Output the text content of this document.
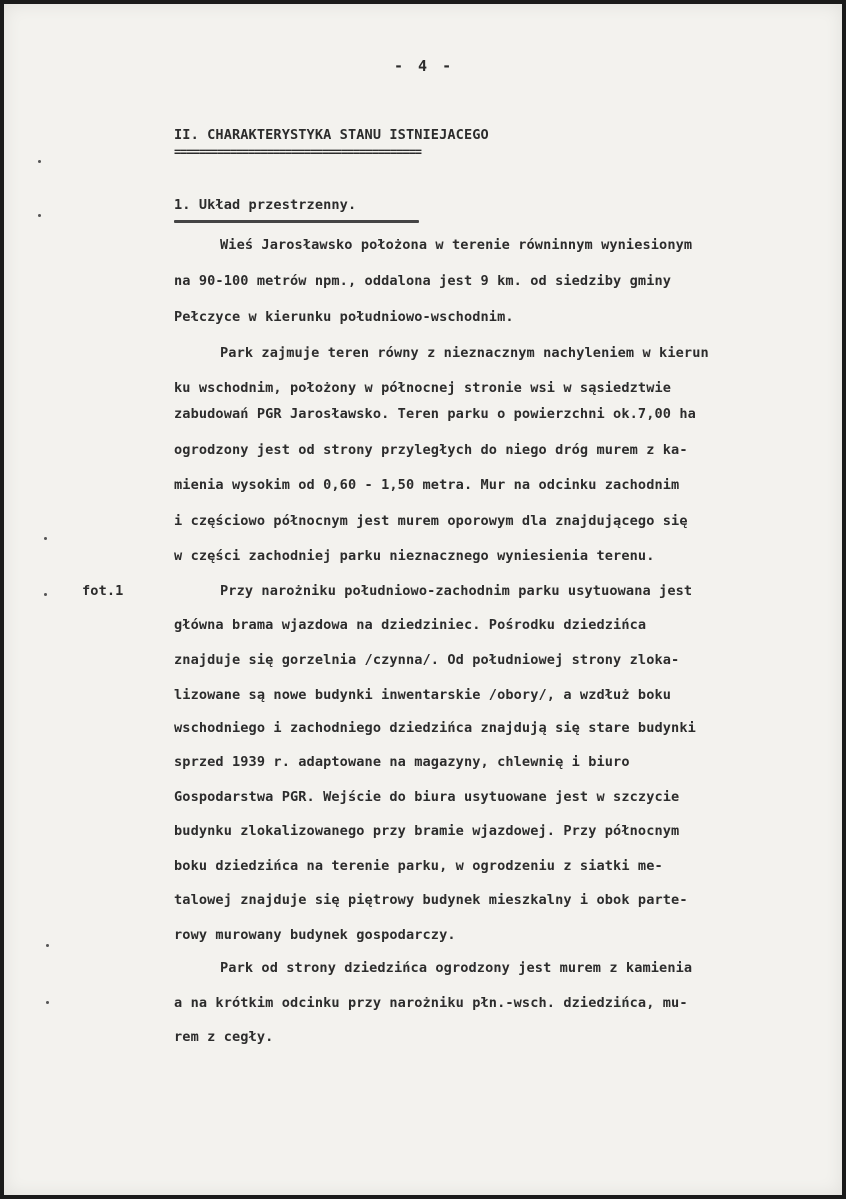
- 4 -
II. CHARAKTERYSTYKA STANU ISTNIEJACEGO
========================================
1. Układ przestrzenny.
fot.1
Wieś Jarosławsko położona w terenie równinnym wyniesionym
na 90-100 metrów npm., oddalona jest 9 km. od siedziby gminy
Pełczyce w kierunku południowo-wschodnim.
Park zajmuje teren równy z nieznacznym nachyleniem w kierun
ku wschodnim, położony w północnej stronie wsi w sąsiedztwie
zabudowań PGR Jarosławsko. Teren parku o powierzchni ok.7,00 ha
ogrodzony jest od strony przyległych do niego dróg murem z ka-
mienia wysokim od 0,60 - 1,50 metra. Mur na odcinku zachodnim
i częściowo północnym jest murem oporowym dla znajdującego się
w części zachodniej parku nieznacznego wyniesienia terenu.
Przy narożniku południowo-zachodnim parku usytuowana jest
główna brama wjazdowa na dziedziniec. Pośrodku dziedzińca
znajduje się gorzelnia /czynna/. Od południowej strony zloka-
lizowane są nowe budynki inwentarskie /obory/, a wzdłuż boku
wschodniego i zachodniego dziedzińca znajdują się stare budynki
sprzed 1939 r. adaptowane na magazyny, chlewnię i biuro
Gospodarstwa PGR. Wejście do biura usytuowane jest w szczycie
budynku zlokalizowanego przy bramie wjazdowej. Przy północnym
boku dziedzińca na terenie parku, w ogrodzeniu z siatki me-
talowej znajduje się piętrowy budynek mieszkalny i obok parte-
rowy murowany budynek gospodarczy.
Park od strony dziedzińca ogrodzony jest murem z kamienia
a na krótkim odcinku przy narożniku płn.-wsch. dziedzińca, mu-
rem z cegły.
